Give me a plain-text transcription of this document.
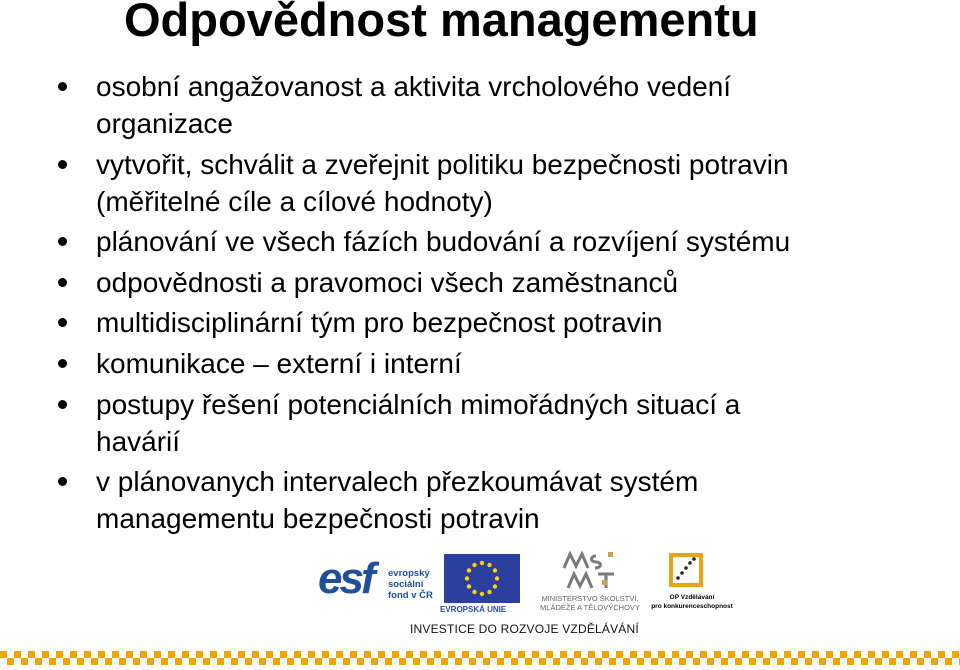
Odpovědnost managementu
osobní angažovanost a aktivita vrcholového vedení
organizace
vytvořit, schválit a zveřejnit politiku bezpečnosti potravin
(měřitelné cíle a cílové hodnoty)
plánování ve všech fázích budování a rozvíjení systému
odpovědnosti a pravomoci všech zaměstnanců
multidisciplinární tým pro bezpečnost potravin
komunikace – externí i interní
postupy řešení potenciálních mimořádných situací a
havárií
v plánovanych intervalech přezkoumávat systém
managementu bezpečnosti potravin
esf evropský sociální fond v ČR
EVROPSKÁ UNIE
MINISTERSTVO ŠKOLSTVÍ,
MLÁDEŽE A TĚLOVÝCHOVY
OP Vzdělávání
pro konkurenceschopnost
INVESTICE DO ROZVOJE VZDĚLÁVÁNÍ
